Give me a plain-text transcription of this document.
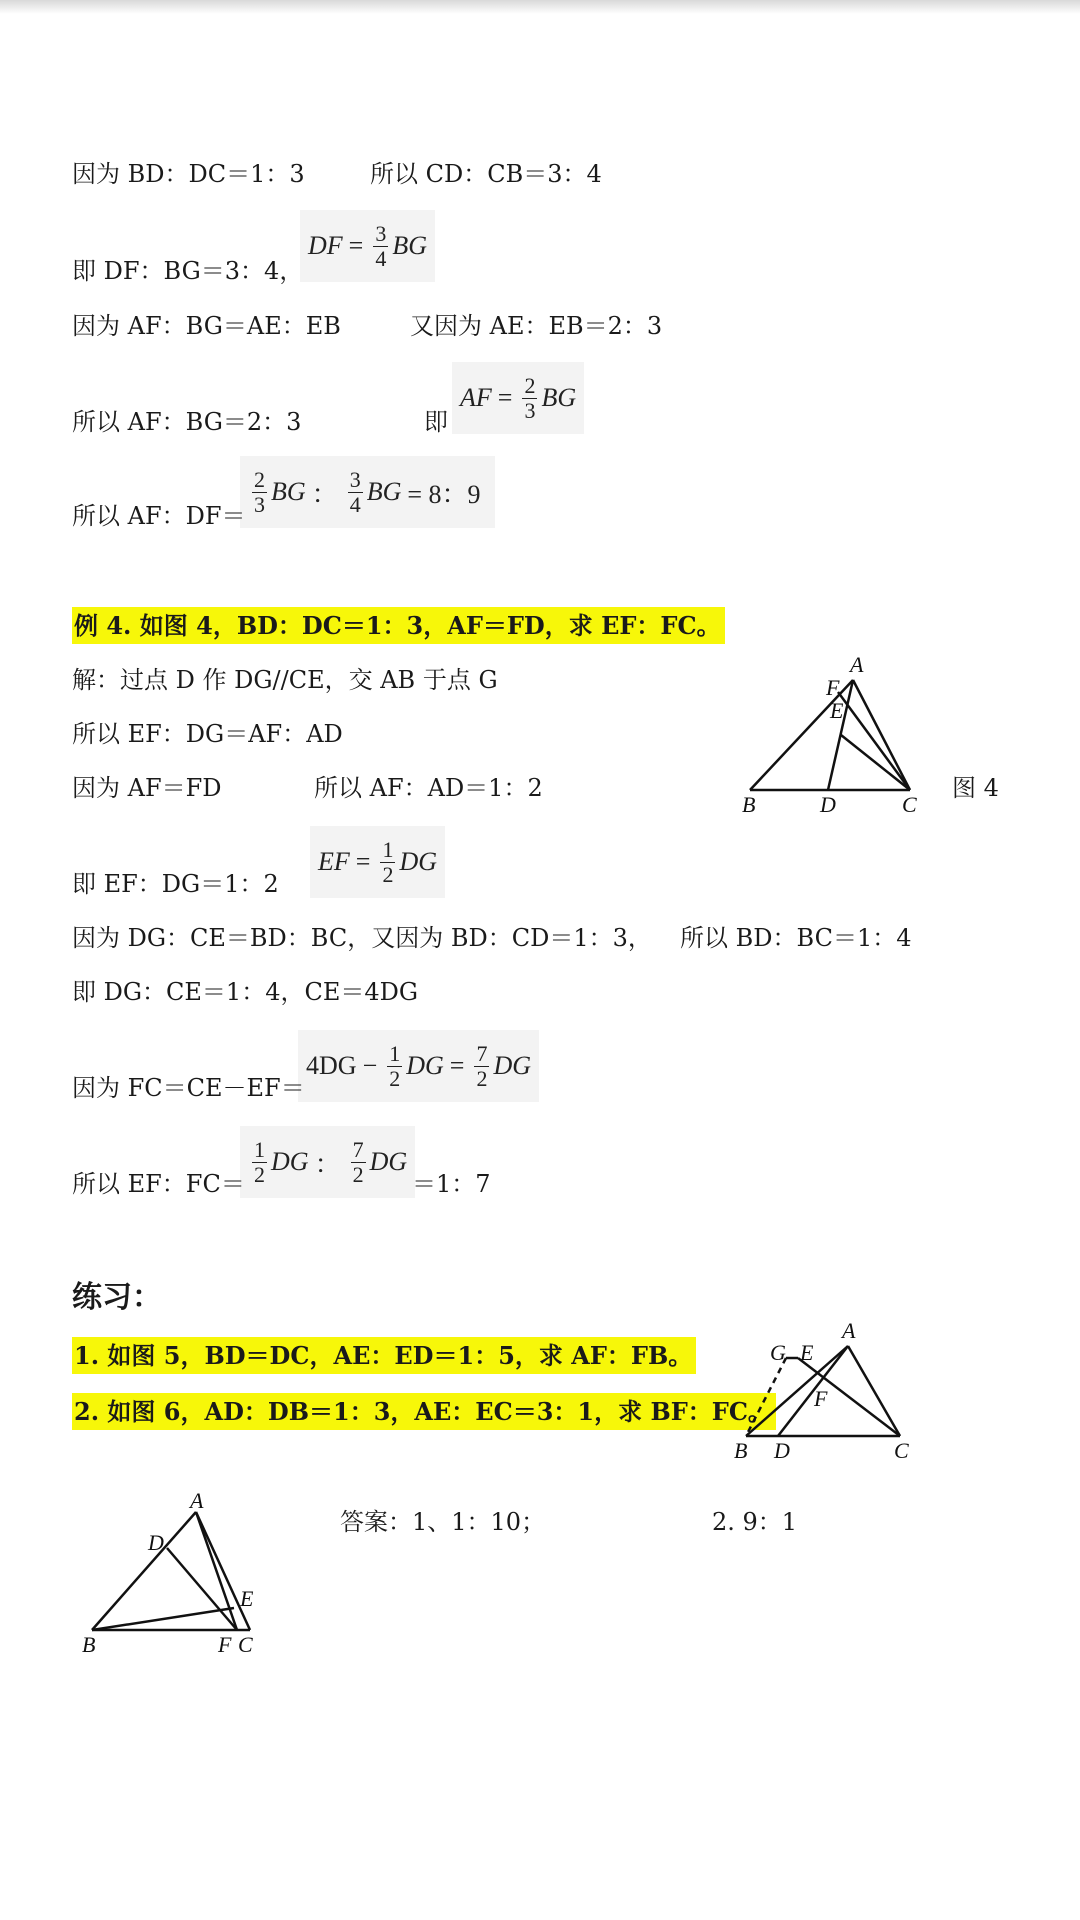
因为 BD：DC＝1：3	所以 CD：CB＝3：4
DF = $\frac{3}{4}$ BG
即 DF：BG＝3：4，
因为 AF：BG＝AE：EB	又因为 AE：EB＝2：3
AF = $\frac{2}{3}$ BG
所以 AF：BG＝2：3	即
$\frac{2}{3}$ BG ： $\frac{3}{4}$ BG = 8：9
所以 AF：DF＝
例 4. 如图 4，BD：DC＝1：3，AF＝FD，求 EF：FC。
解：过点 D 作 DG//CE，交 AB 于点 G
所以 EF：DG＝AF：AD
因为 AF＝FD	所以 AF：AD＝1：2
A
F
E
B	D	C
图 4
EF = $\frac{1}{2}$ DG
即 EF：DG＝1：2
因为 DG：CE＝BD：BC，又因为 BD：CD＝1：3， 所以 BD：BC＝1：4
即 DG：CE＝1：4，CE＝4DG
$4DG - \frac{1}{2}$ DG = $\frac{7}{2}$ DG
因为 FC＝CE－EF＝
$\frac{1}{2}$ DG ： $\frac{7}{2}$ DG
所以 EF：FC＝	＝1：7
练习：
1. 如图 5，BD＝DC，AE：ED＝1：5，求 AF：FB。
2. 如图 6，AD：DB＝1：3，AE：EC＝3：1，求 BF：FC。
A
G E
F
B D	C
A
D
E
B	F C
答案：1、1：10；	2. 9：1
